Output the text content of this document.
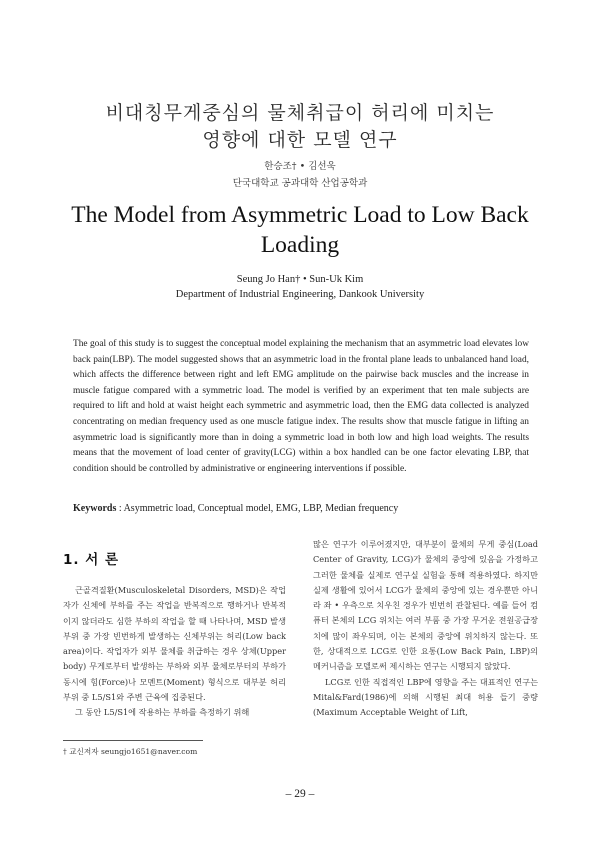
비대칭무게중심의 물체취급이 허리에 미치는
영향에 대한 모델 연구
한승조† • 김선욱
단국대학교 공과대학 산업공학과
The Model from Asymmetric Load to Low Back
Loading
Seung Jo Han† • Sun-Uk Kim
Department of Industrial Engineering, Dankook University
The goal of this study is to suggest the conceptual model explaining the mechanism that an asymmetric load elevates low back pain(LBP). The model suggested shows that an asymmetric load in the frontal plane leads to unbalanced hand load, which affects the difference between right and left EMG amplitude on the pairwise back muscles and the increase in muscle fatigue compared with a symmetric load. The model is verified by an experiment that ten male subjects are required to lift and hold at waist height each symmetric and asymmetric load, then the EMG data collected is analyzed concentrating on median frequency used as one muscle fatigue index. The results show that muscle fatigue in lifting an asymmetric load is significantly more than in doing a symmetric load in both low and high load weights. The results means that the movement of load center of gravity(LCG) within a box handled can be one factor elevating LBP, that condition should be controlled by administrative or engineering interventions if possible.
Keywords : Asymmetric load, Conceptual model, EMG, LBP, Median frequency
1. 서 론

근골격질환(Musculoskeletal Disorders, MSD)은 작업자가 신체에 부하를 주는 작업을 반복적으로 행하거나 반복적이지 않더라도 심한 부하의 작업을 할 때 나타나며, MSD 발생 부위 중 가장 빈번하게 발생하는 신체부위는 허리(Low back area)이다. 작업자가 외부 물체를 취급하는 경우 상체(Upper body) 무게로부터 발생하는 부하와 외부 물체로부터의 부하가 동시에 힘(Force)나 모멘트(Moment) 형식으로 대부분 허리부위 중 L5/S1와 주변 근육에 집중된다.

그 동안 L5/S1에 작용하는 부하를 측정하기 위해

많은 연구가 이루어졌지만, 대부분이 물체의 무게 중심(Load Center of Gravity, LCG)가 물체의 중앙에 있음을 가정하고 그러한 물체를 실제로 연구실 실험을 통해 적용하였다. 하지만 실제 생활에 있어서 LCG가 물체의 중앙에 있는 경우뿐만 아니라 좌 • 우측으로 치우친 경우가 빈번히 관찰된다. 예를 들어 컴퓨터 본체의 LCG 위치는 여러 부품 중 가장 무거운 전원공급장치에 많이 좌우되며, 이는 본체의 중앙에 위치하지 않는다. 또한, 상대적으로 LCG로 인한 요통(Low Back Pain, LBP)의 메커니즘을 모델로써 제시하는 연구는 시행되지 않았다.

LCG로 인한 직접적인 LBP에 영향을 주는 대표적인 연구는 Mital&Fard(1986)에 의해 시행된 최대 허용 들기 중량(Maximum Acceptable Weight of Lift,

† 교신저자 seungjo1651@naver.com
– 29 –
